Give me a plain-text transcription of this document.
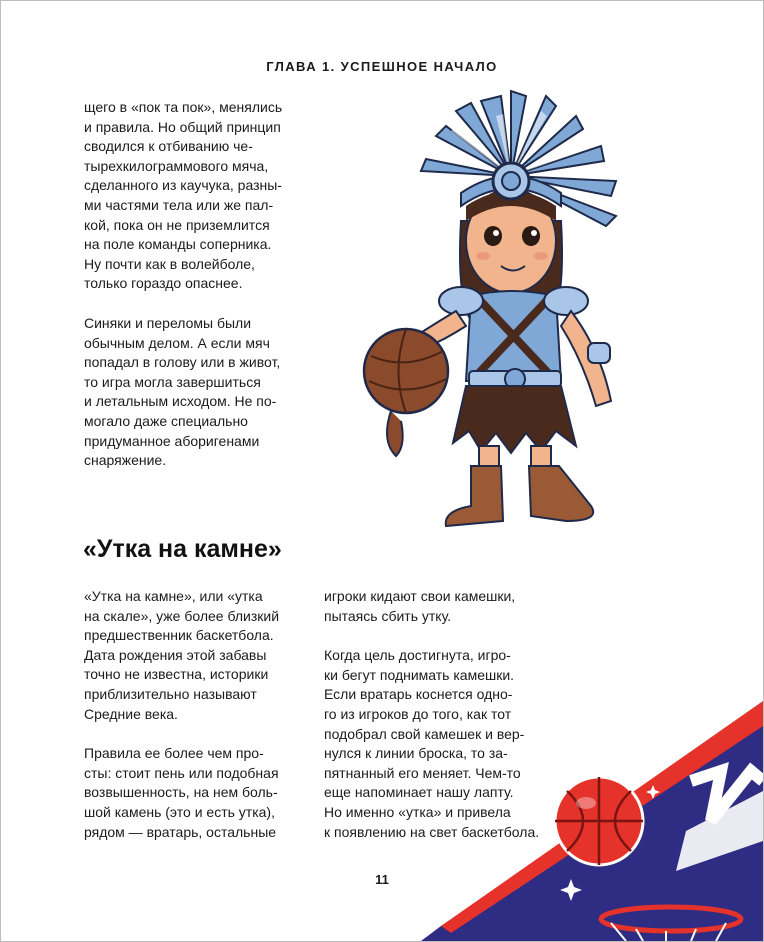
ГЛАВА 1. УСПЕШНОЕ НАЧАЛО

щего в «пок та пок», менялись
и правила. Но общий принцип
сводился к отбиванию че-
тырехкилограммового мяча,
сделанного из каучука, разны-
ми частями тела или же пал-
кой, пока он не приземлится
на поле команды соперника.
Ну почти как в волейболе,
только гораздо опаснее.

Синяки и переломы были
обычным делом. А если мяч
попадал в голову или в живот,
то игра могла завершиться
и летальным исходом. Не по-
могало даже специально
придуманное аборигенами
снаряжение.

«Утка на камне»

«Утка на камне», или «утка
на скале», уже более близкий
предшественник баскетбола.
Дата рождения этой забавы
точно не известна, историки
приблизительно называют
Средние века.

Правила ее более чем про-
сты: стоит пень или подобная
возвышенность, на нем боль-
шой камень (это и есть утка),
рядом — вратарь, остальные

игроки кидают свои камешки,
пытаясь сбить утку.

Когда цель достигнута, игро-
ки бегут поднимать камешки.
Если вратарь коснется одно-
го из игроков до того, как тот
подобрал свой камешек и вер-
нулся к линии броска, то за-
пятнанный его меняет. Чем-то
еще напоминает нашу лапту.
Но именно «утка» и привела
к появлению на свет баскетбола.

11
